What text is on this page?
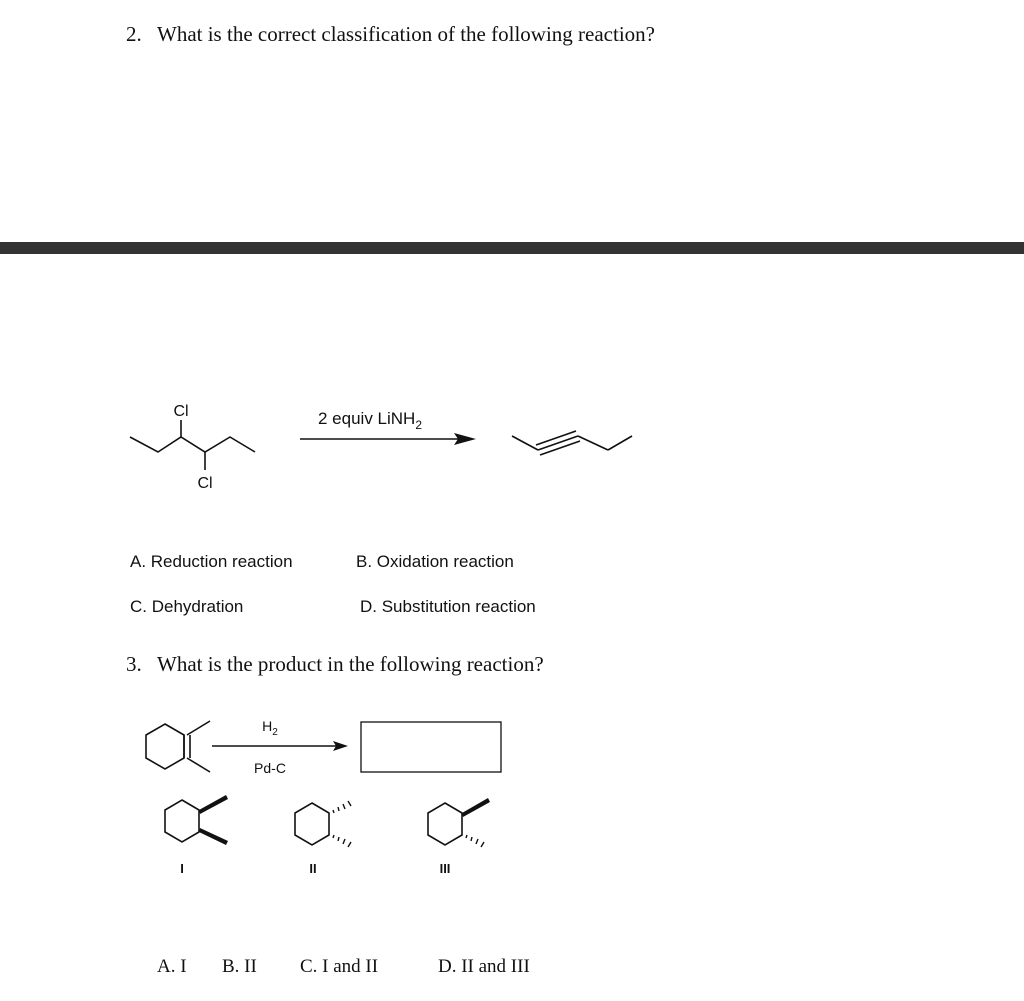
2. What is the correct classification of the following reaction?
Cl
Cl
2 equiv LiNH$_2$
$H_2$
Pd-C
I	II	III
A. Reduction reaction	B. Oxidation reaction
C. Dehydration	D. Substitution reaction
3. What is the product in the following reaction?
A. I B. II C. I and II	D. II and III
